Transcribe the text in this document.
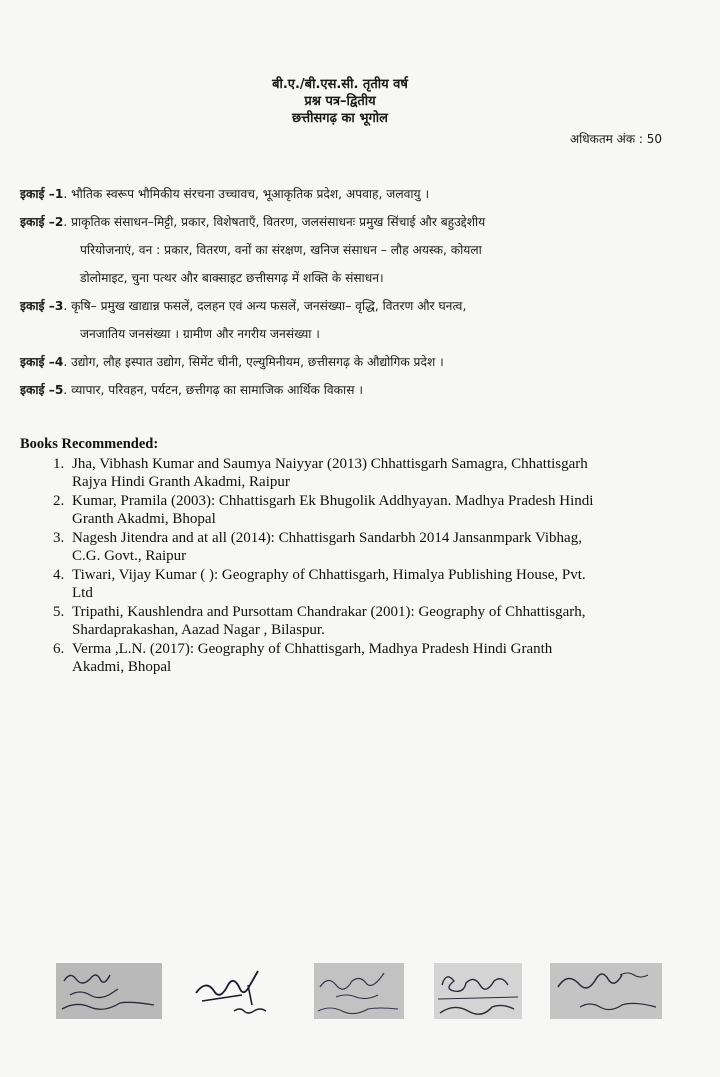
बी.ए./बी.एस.सी. तृतीय वर्ष
प्रश्न पत्र–द्वितीय
छत्तीसगढ़ का भूगोल
अधिकतम अंक : 50
इकाई –1. भौतिक स्वरूप भौमिकीय संरचना उच्चावच, भूआकृतिक प्रदेश, अपवाह, जलवायु ।
इकाई –2. प्राकृतिक संसाधन–मिट्टी, प्रकार, विशेषताऍं, वितरण, जलसंसाधनः प्रमुख सिंचाई और बहुउद्देशीय
परियोजनाएं, वन : प्रकार, वितरण, वनों का संरक्षण, खनिज संसाधन – लौह अयस्क, कोयला
डोलोमाइट, चुना पत्थर और बाक्साइट छत्तीसगढ़ में शक्ति के संसाधन।
इकाई –3. कृषि– प्रमुख खाद्यान्न फसलें, दलहन एवं अन्य फसलें, जनसंख्या– वृद्धि, वितरण और घनत्व,
जनजातिय जनसंख्या । ग्रामीण और नगरीय जनसंख्या ।
इकाई –4. उद्योग, लौह इस्पात उद्योग, सिमेंट चीनी, एल्युमिनीयम, छत्तीसगढ़ के औद्योगिक प्रदेश ।
इकाई –5. व्यापार, परिवहन, पर्यटन, छत्तीगढ़ का सामाजिक आर्थिक विकास ।
Books Recommended:
1. Jha, Vibhash Kumar and Saumya Naiyyar (2013) Chhattisgarh Samagra, Chhattisgarh
Rajya Hindi Granth Akadmi, Raipur
2. Kumar, Pramila (2003): Chhattisgarh Ek Bhugolik Addhyayan. Madhya Pradesh Hindi
Granth Akadmi, Bhopal
3. Nagesh Jitendra and at all (2014): Chhattisgarh Sandarbh 2014 Jansanmpark Vibhag,
C.G. Govt., Raipur
4. Tiwari, Vijay Kumar ( ): Geography of Chhattisgarh, Himalya Publishing House, Pvt.
Ltd
5. Tripathi, Kaushlendra and Pursottam Chandrakar (2001): Geography of Chhattisgarh,
Shardaprakashan, Aazad Nagar , Bilaspur.
6. Verma ,L.N. (2017): Geography of Chhattisgarh, Madhya Pradesh Hindi Granth
Akadmi, Bhopal
